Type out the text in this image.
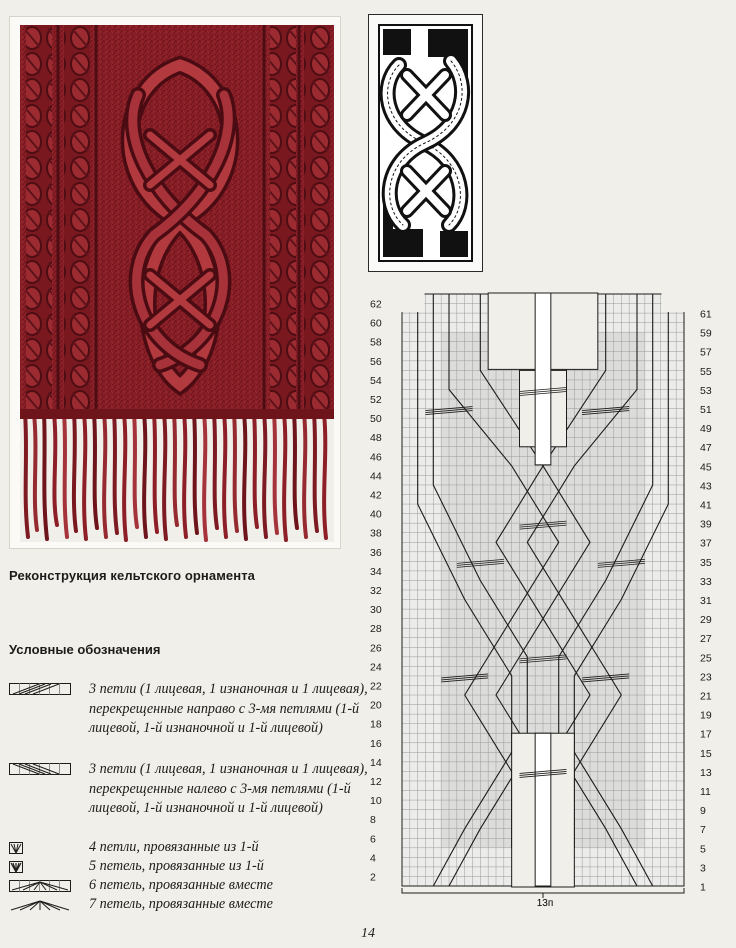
62
60
58
56
54
52
50
48
46
44
42
40
38
36
34
32
30
28
26
24
22
20
18
16
14
12
10
8
6
4
2
61
59
57
55
53
51
49
47
45
43
41
39
37
35
33
31
29
27
25
23
21
19
17
15
13
11
9
7
5
3
1
13п
Реконструкция кельтского орнамента
Условные обозначения
3 петли (1 лицевая, 1 изнаночная и 1 лицевая), перекрещенные направо с 3-мя петлями (1-й лицевой, 1-й изнаночной и 1-й лицевой)
3 петли (1 лицевая, 1 изнаночная и 1 лицевая), перекрещенные налево с 3-мя петлями (1-й лицевой, 1-й изнаночной и 1-й лицевой)
4 петли, провязанные из 1-й
5 петель, провязанные из 1-й
6 петель, провязанные вместе
7 петель, провязанные вместе
14
